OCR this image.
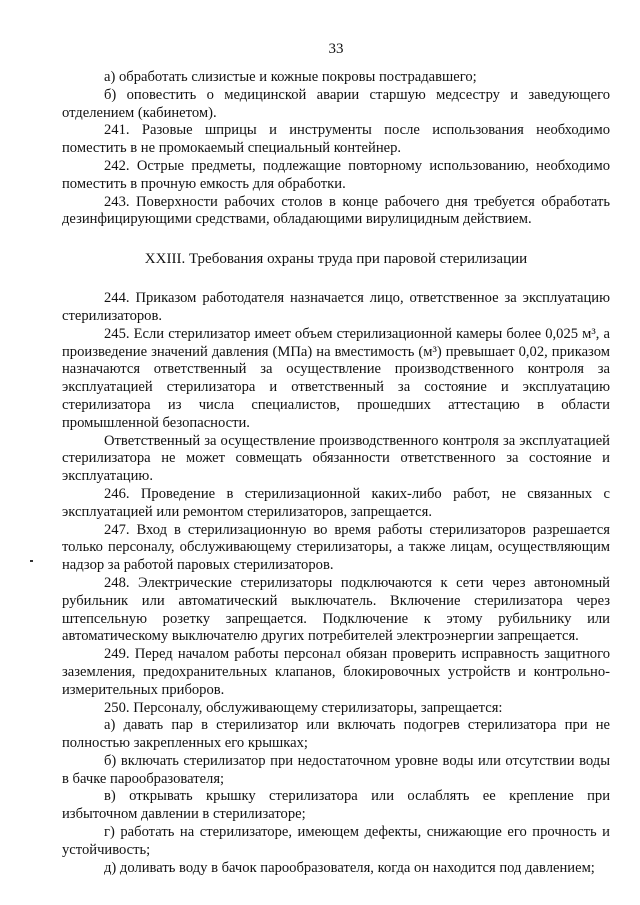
33

а) обработать слизистые и кожные покровы пострадавшего;

б) оповестить о медицинской аварии старшую медсестру и заведующего отделением (кабинетом).

241. Разовые шприцы и инструменты после использования необходимо поместить в не промокаемый специальный контейнер.

242. Острые предметы, подлежащие повторному использованию, необходимо поместить в прочную емкость для обработки.

243. Поверхности рабочих столов в конце рабочего дня требуется обработать дезинфицирующими средствами, обладающими вирулицидным действием.

XXIII. Требования охраны труда при паровой стерилизации

244. Приказом работодателя назначается лицо, ответственное за эксплуатацию стерилизаторов.

245. Если стерилизатор имеет объем стерилизационной камеры более 0,025 м³, а произведение значений давления (МПа) на вместимость (м³) превышает 0,02, приказом назначаются ответственный за осуществление производственного контроля за эксплуатацией стерилизатора и ответственный за состояние и эксплуатацию стерилизатора из числа специалистов, прошедших аттестацию в области промышленной безопасности.

Ответственный за осуществление производственного контроля за эксплуатацией стерилизатора не может совмещать обязанности ответственного за состояние и эксплуатацию.

246. Проведение в стерилизационной каких-либо работ, не связанных с эксплуатацией или ремонтом стерилизаторов, запрещается.

247. Вход в стерилизационную во время работы стерилизаторов разрешается только персоналу, обслуживающему стерилизаторы, а также лицам, осуществляющим надзор за работой паровых стерилизаторов.

248. Электрические стерилизаторы подключаются к сети через автономный рубильник или автоматический выключатель. Включение стерилизатора через штепсельную розетку запрещается. Подключение к этому рубильнику или автоматическому выключателю других потребителей электроэнергии запрещается.

249. Перед началом работы персонал обязан проверить исправность защитного заземления, предохранительных клапанов, блокировочных устройств и контрольно-измерительных приборов.

250. Персоналу, обслуживающему стерилизаторы, запрещается:

а) давать пар в стерилизатор или включать подогрев стерилизатора при не полностью закрепленных его крышках;

б) включать стерилизатор при недостаточном уровне воды или отсутствии воды в бачке парообразователя;

в) открывать крышку стерилизатора или ослаблять ее крепление при избыточном давлении в стерилизаторе;

г) работать на стерилизаторе, имеющем дефекты, снижающие его прочность и устойчивость;

д) доливать воду в бачок парообразователя, когда он находится под давлением;
